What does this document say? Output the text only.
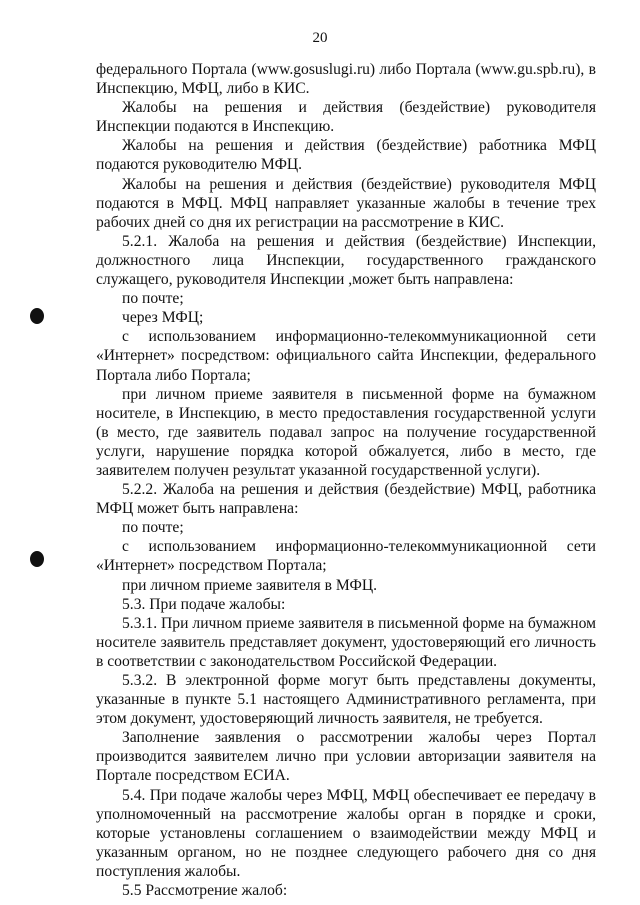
20

федерального Портала (www.gosuslugi.ru) либо Портала (www.gu.spb.ru), в Инспекцию, МФЦ, либо в КИС.

Жалобы на решения и действия (бездействие) руководителя Инспекции подаются в Инспекцию.

Жалобы на решения и действия (бездействие) работника МФЦ подаются руководителю МФЦ.

Жалобы на решения и действия (бездействие) руководителя МФЦ подаются в МФЦ. МФЦ направляет указанные жалобы в течение трех рабочих дней со дня их регистрации на рассмотрение в КИС.

5.2.1. Жалоба на решения и действия (бездействие) Инспекции, должностного лица Инспекции, государственного гражданского служащего, руководителя Инспекции ,может быть направлена:

по почте;

через МФЦ;

с использованием информационно-телекоммуникационной сети «Интернет» посредством: официального сайта Инспекции, федерального Портала либо Портала;

при личном приеме заявителя в письменной форме на бумажном носителе, в Инспекцию, в место предоставления государственной услуги (в место, где заявитель подавал запрос на получение государственной услуги, нарушение порядка которой обжалуется, либо в место, где заявителем получен результат указанной государственной услуги).

5.2.2. Жалоба на решения и действия (бездействие) МФЦ, работника МФЦ может быть направлена:

по почте;

с использованием информационно-телекоммуникационной сети «Интернет» посредством Портала;

при личном приеме заявителя в МФЦ.

5.3. При подаче жалобы:

5.3.1. При личном приеме заявителя в письменной форме на бумажном носителе заявитель представляет документ, удостоверяющий его личность в соответствии с законодательством Российской Федерации.

5.3.2. В электронной форме могут быть представлены документы, указанные в пункте 5.1 настоящего Административного регламента, при этом документ, удостоверяющий личность заявителя, не требуется.

Заполнение заявления о рассмотрении жалобы через Портал производится заявителем лично при условии авторизации заявителя на Портале посредством ЕСИА.

5.4. При подаче жалобы через МФЦ, МФЦ обеспечивает ее передачу в уполномоченный на рассмотрение жалобы орган в порядке и сроки, которые установлены соглашением о взаимодействии между МФЦ и указанным органом, но не позднее следующего рабочего дня со дня поступления жалобы.

5.5 Рассмотрение жалоб:
